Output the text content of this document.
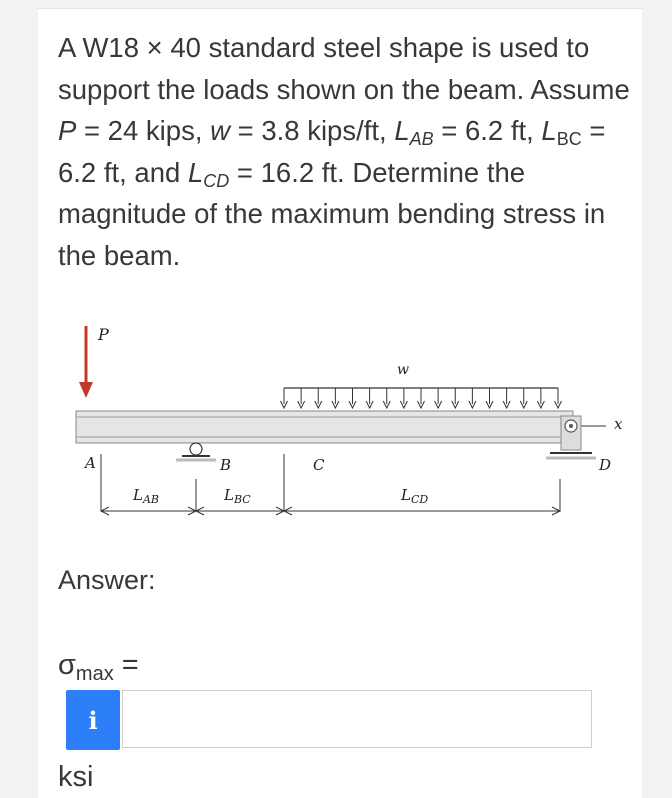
A W18 × 40 standard steel shape is used to support the loads shown on the beam. Assume P = 24 kips, w = 3.8 kips/ft, $L_{AB} = 6.2$ ft, $L_{BC} = 6.2$ ft, and $L_{CD} = 16.2$ ft. Determine the magnitude of the maximum bending stress in the beam.

P
w
x
A	B	C	D
$L_{AB}$	$L_{BC}$	$L_{CD}$
Answer:
$\sigma_{max}$ =
i
ksi
